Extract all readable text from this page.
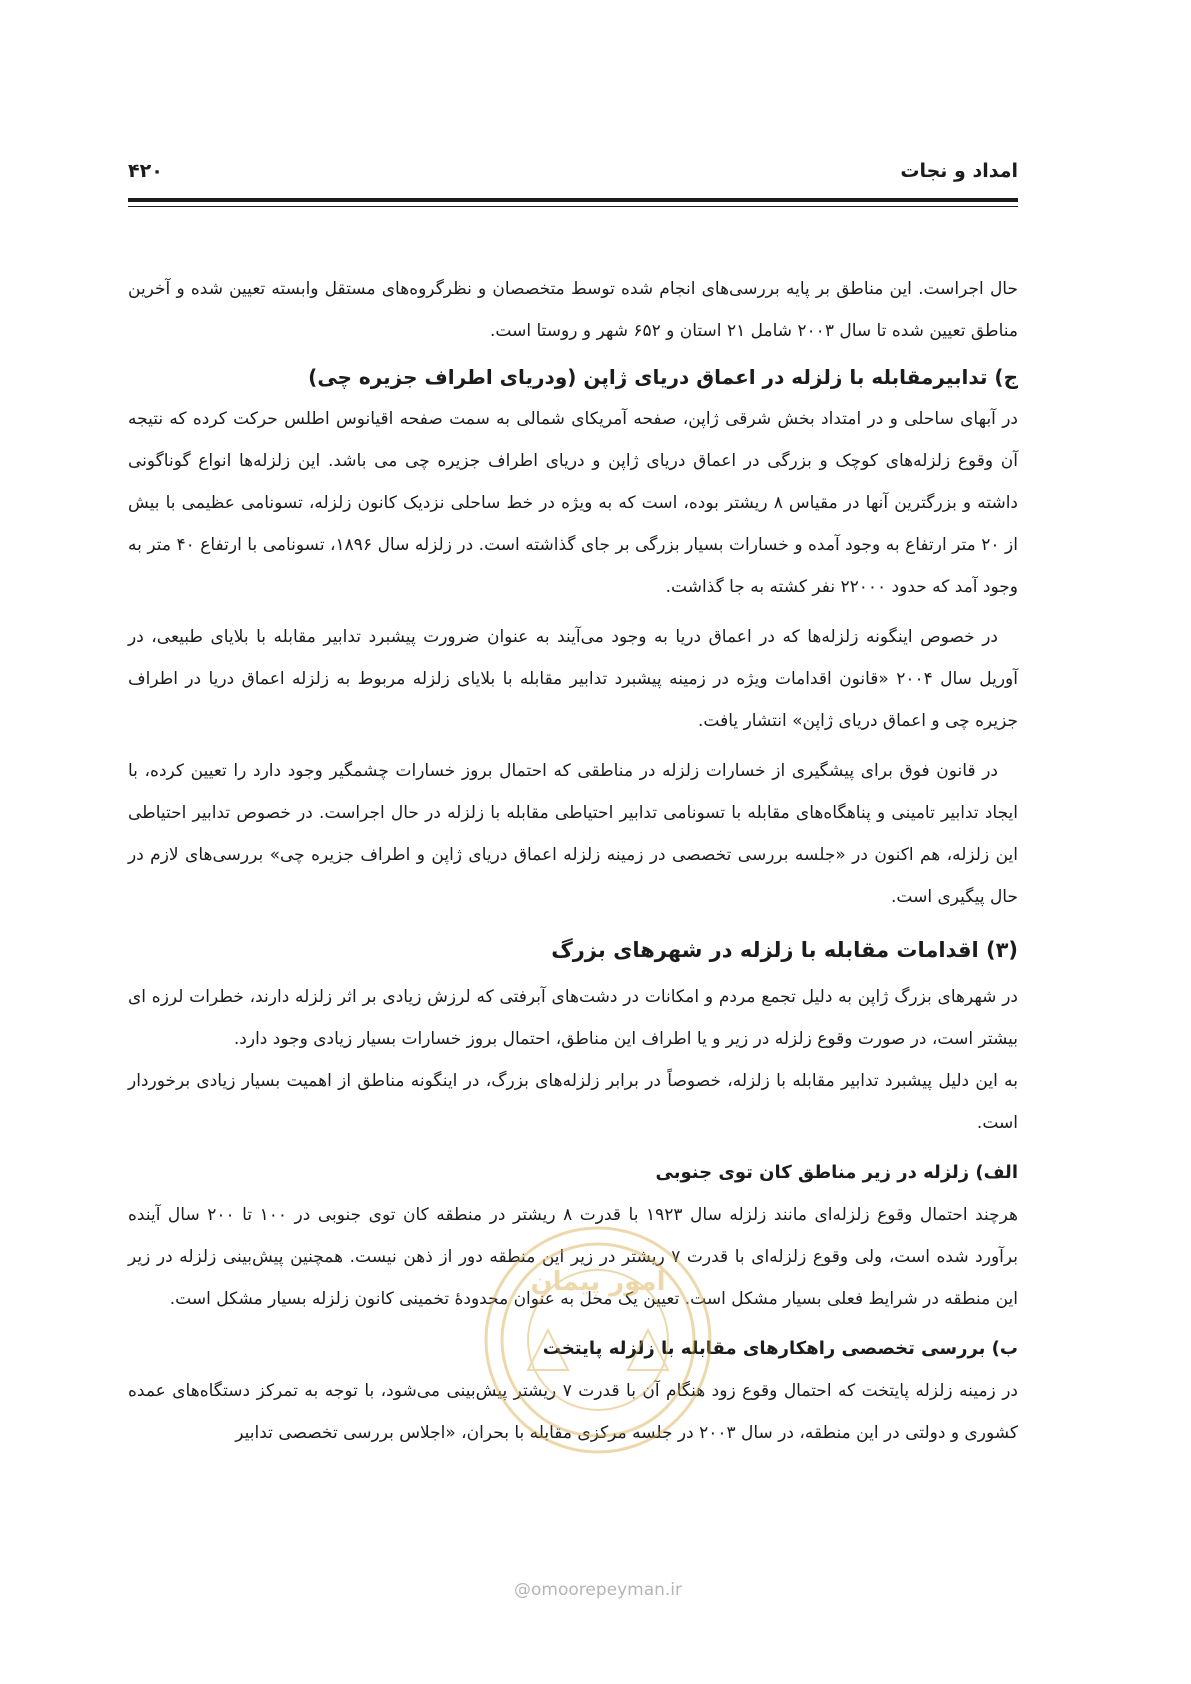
۴۲۰	امداد و نجات

حال اجراست. این مناطق بر پایه بررسی‌های انجام شده توسط متخصصان و نظرگروه‌های مستقل وابسته تعیین شده و آخرین مناطق تعیین شده تا سال ۲۰۰۳ شامل ۲۱ استان و ۶۵۲ شهر و روستا است.

ج) تدابیرمقابله با زلزله در اعماق دریای ژاپن (ودریای اطراف جزیره چی)

در آبهای ساحلی و در امتداد بخش شرقی ژاپن، صفحه آمریکای شمالی به سمت صفحه اقیانوس اطلس حرکت کرده که نتیجه آن وقوع زلزله‌های کوچک و بزرگی در اعماق دریای ژاپن و دریای اطراف جزیره چی می باشد. این زلزله‌ها انواع گوناگونی داشته و بزرگترین آنها در مقیاس ۸ ریشتر بوده، است که به ویژه در خط ساحلی نزدیک کانون زلزله، تسونامی عظیمی با بیش از ۲۰ متر ارتفاع به وجود آمده و خسارات بسیار بزرگی بر جای گذاشته است. در زلزله سال ۱۸۹۶، تسونامی با ارتفاع ۴۰ متر به وجود آمد که حدود ۲۲۰۰۰ نفر کشته به جا گذاشت.

در خصوص اینگونه زلزله‌ها که در اعماق دریا به وجود می‌آیند به عنوان ضرورت پیشبرد تدابیر مقابله با بلایای طبیعی، در آوریل سال ۲۰۰۴ «قانون اقدامات ویژه در زمینه پیشبرد تدابیر مقابله با بلایای زلزله مربوط به زلزله اعماق دریا در اطراف جزیره چی و اعماق دریای ژاپن» انتشار یافت.

در قانون فوق برای پیشگیری از خسارات زلزله در مناطقی که احتمال بروز خسارات چشمگیر وجود دارد را تعیین کرده، با ایجاد تدابیر تامینی و پناهگاه‌های مقابله با تسونامی تدابیر احتیاطی مقابله با زلزله در حال اجراست. در خصوص تدابیر احتیاطی این زلزله، هم اکنون در «جلسه بررسی تخصصی در زمینه زلزله اعماق دریای ژاپن و اطراف جزیره چی» بررسی‌های لازم در حال پیگیری است.

(۳) اقدامات مقابله با زلزله در شهرهای بزرگ

در شهرهای بزرگ ژاپن به دلیل تجمع مردم و امکانات در دشت‌های آبرفتی که لرزش زیادی بر اثر زلزله دارند، خطرات لرزه ای بیشتر است، در صورت وقوع زلزله در زیر و یا اطراف این مناطق، احتمال بروز خسارات بسیار زیادی وجود دارد.

به این دلیل پیشبرد تدابیر مقابله با زلزله، خصوصاً در برابر زلزله‌های بزرگ، در اینگونه مناطق از اهمیت بسیار زیادی برخوردار است.

الف) زلزله در زیر مناطق کان توی جنوبی

هرچند احتمال وقوع زلزله‌ای مانند زلزله سال ۱۹۲۳ با قدرت ۸ ریشتر در منطقه کان توی جنوبی در ۱۰۰ تا ۲۰۰ سال آینده برآورد شده است، ولی وقوع زلزله‌ای با قدرت ۷ ریشتر در زیر این منطقه دور از ذهن نیست. همچنین پیش‌بینی زلزله در زیر این منطقه در شرایط فعلی بسیار مشکل است. تعیین یک محل به عنوان محدودهٔ تخمینی کانون زلزله بسیار مشکل است.

ب) بررسی تخصصی راهکارهای مقابله با زلزله پایتخت

در زمینه زلزله پایتخت که احتمال وقوع زود هنگام آن با قدرت ۷ ریشتر پیش‌بینی می‌شود، با توجه به تمرکز دستگاه‌های عمده کشوری و دولتی در این منطقه، در سال ۲۰۰۳ در جلسه مرکزی مقابله با بحران، «اجلاس بررسی تخصصی تدابیر

امور پیمان
@omoorepeyman.ir
